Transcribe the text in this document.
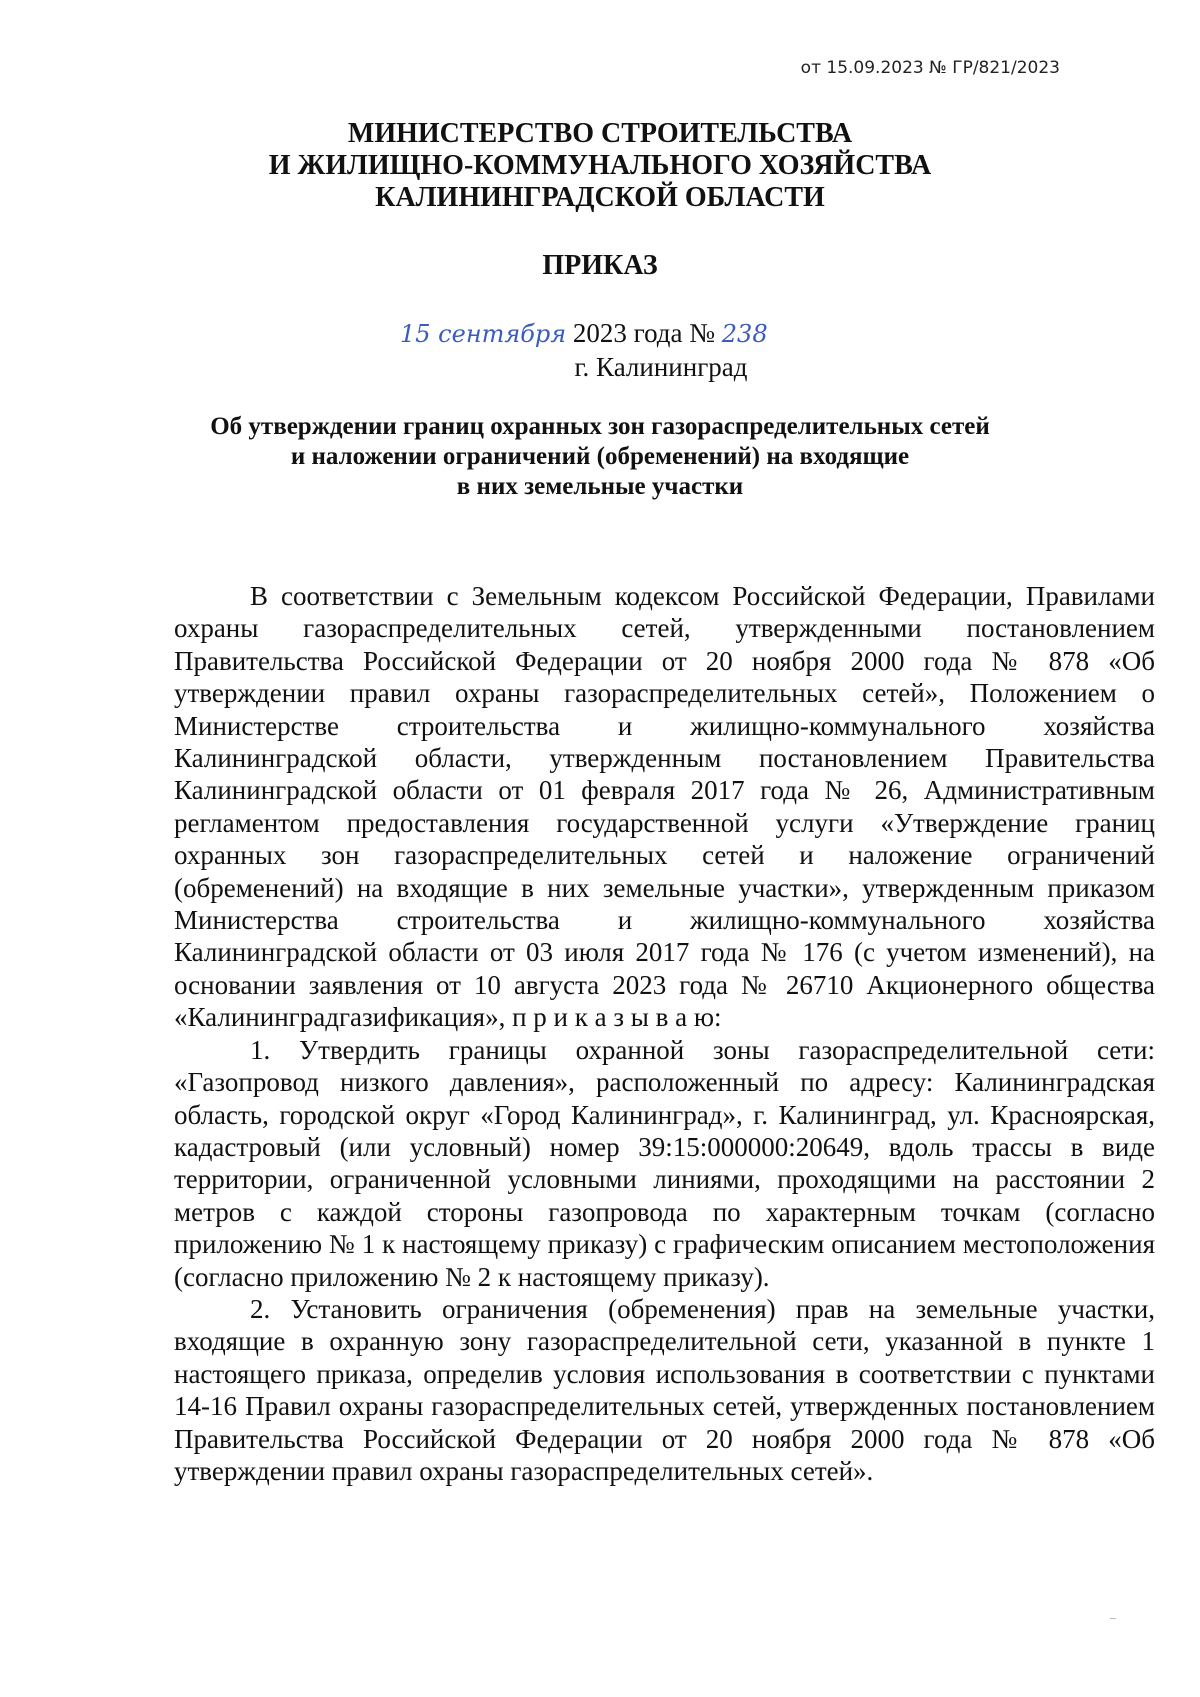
от 15.09.2023 № ГР/821/2023
МИНИСТЕРСТВО СТРОИТЕЛЬСТВА
И ЖИЛИЩНО-КОММУНАЛЬНОГО ХОЗЯЙСТВА
КАЛИНИНГРАДСКОЙ ОБЛАСТИ
ПРИКАЗ
15 сентября 2023 года № 238
г. Калининград
Об утверждении границ охранных зон газораспределительных сетей
и наложении ограничений (обременений) на входящие
в них земельные участки

В соответствии с Земельным кодексом Российской Федерации, Правилами охраны газораспределительных сетей, утвержденными постановлением Правительства Российской Федерации от 20 ноября 2000 года № 878 «Об утверждении правил охраны газораспределительных сетей», Положением о Министерстве строительства и жилищно-коммунального хозяйства Калининградской области, утвержденным постановлением Правительства Калининградской области от 01 февраля 2017 года № 26, Административным регламентом предоставления государственной услуги «Утверждение границ охранных зон газораспределительных сетей и наложение ограничений (обременений) на входящие в них земельные участки», утвержденным приказом Министерства строительства и жилищно-коммунального хозяйства Калининградской области от 03 июля 2017 года № 176 (с учетом изменений), на основании заявления от 10 августа 2023 года № 26710 Акционерного общества «Калининградгазификация», п р и к а з ы в а ю:

1. Утвердить границы охранной зоны газораспределительной сети: «Газопровод низкого давления», расположенный по адресу: Калининградская область, городской округ «Город Калининград», г. Калининград, ул. Красноярская, кадастровый (или условный) номер 39:15:000000:20649, вдоль трассы в виде территории, ограниченной условными линиями, проходящими на расстоянии 2 метров с каждой стороны газопровода по характерным точкам (согласно приложению № 1 к настоящему приказу) с графическим описанием местоположения (согласно приложению № 2 к настоящему приказу).

2. Установить ограничения (обременения) прав на земельные участки, входящие в охранную зону газораспределительной сети, указанной в пункте 1 настоящего приказа, определив условия использования в соответствии с пунктами 14-16 Правил охраны газораспределительных сетей, утвержденных постановлением Правительства Российской Федерации от 20 ноября 2000 года № 878 «Об утверждении правил охраны газораспределительных сетей».
